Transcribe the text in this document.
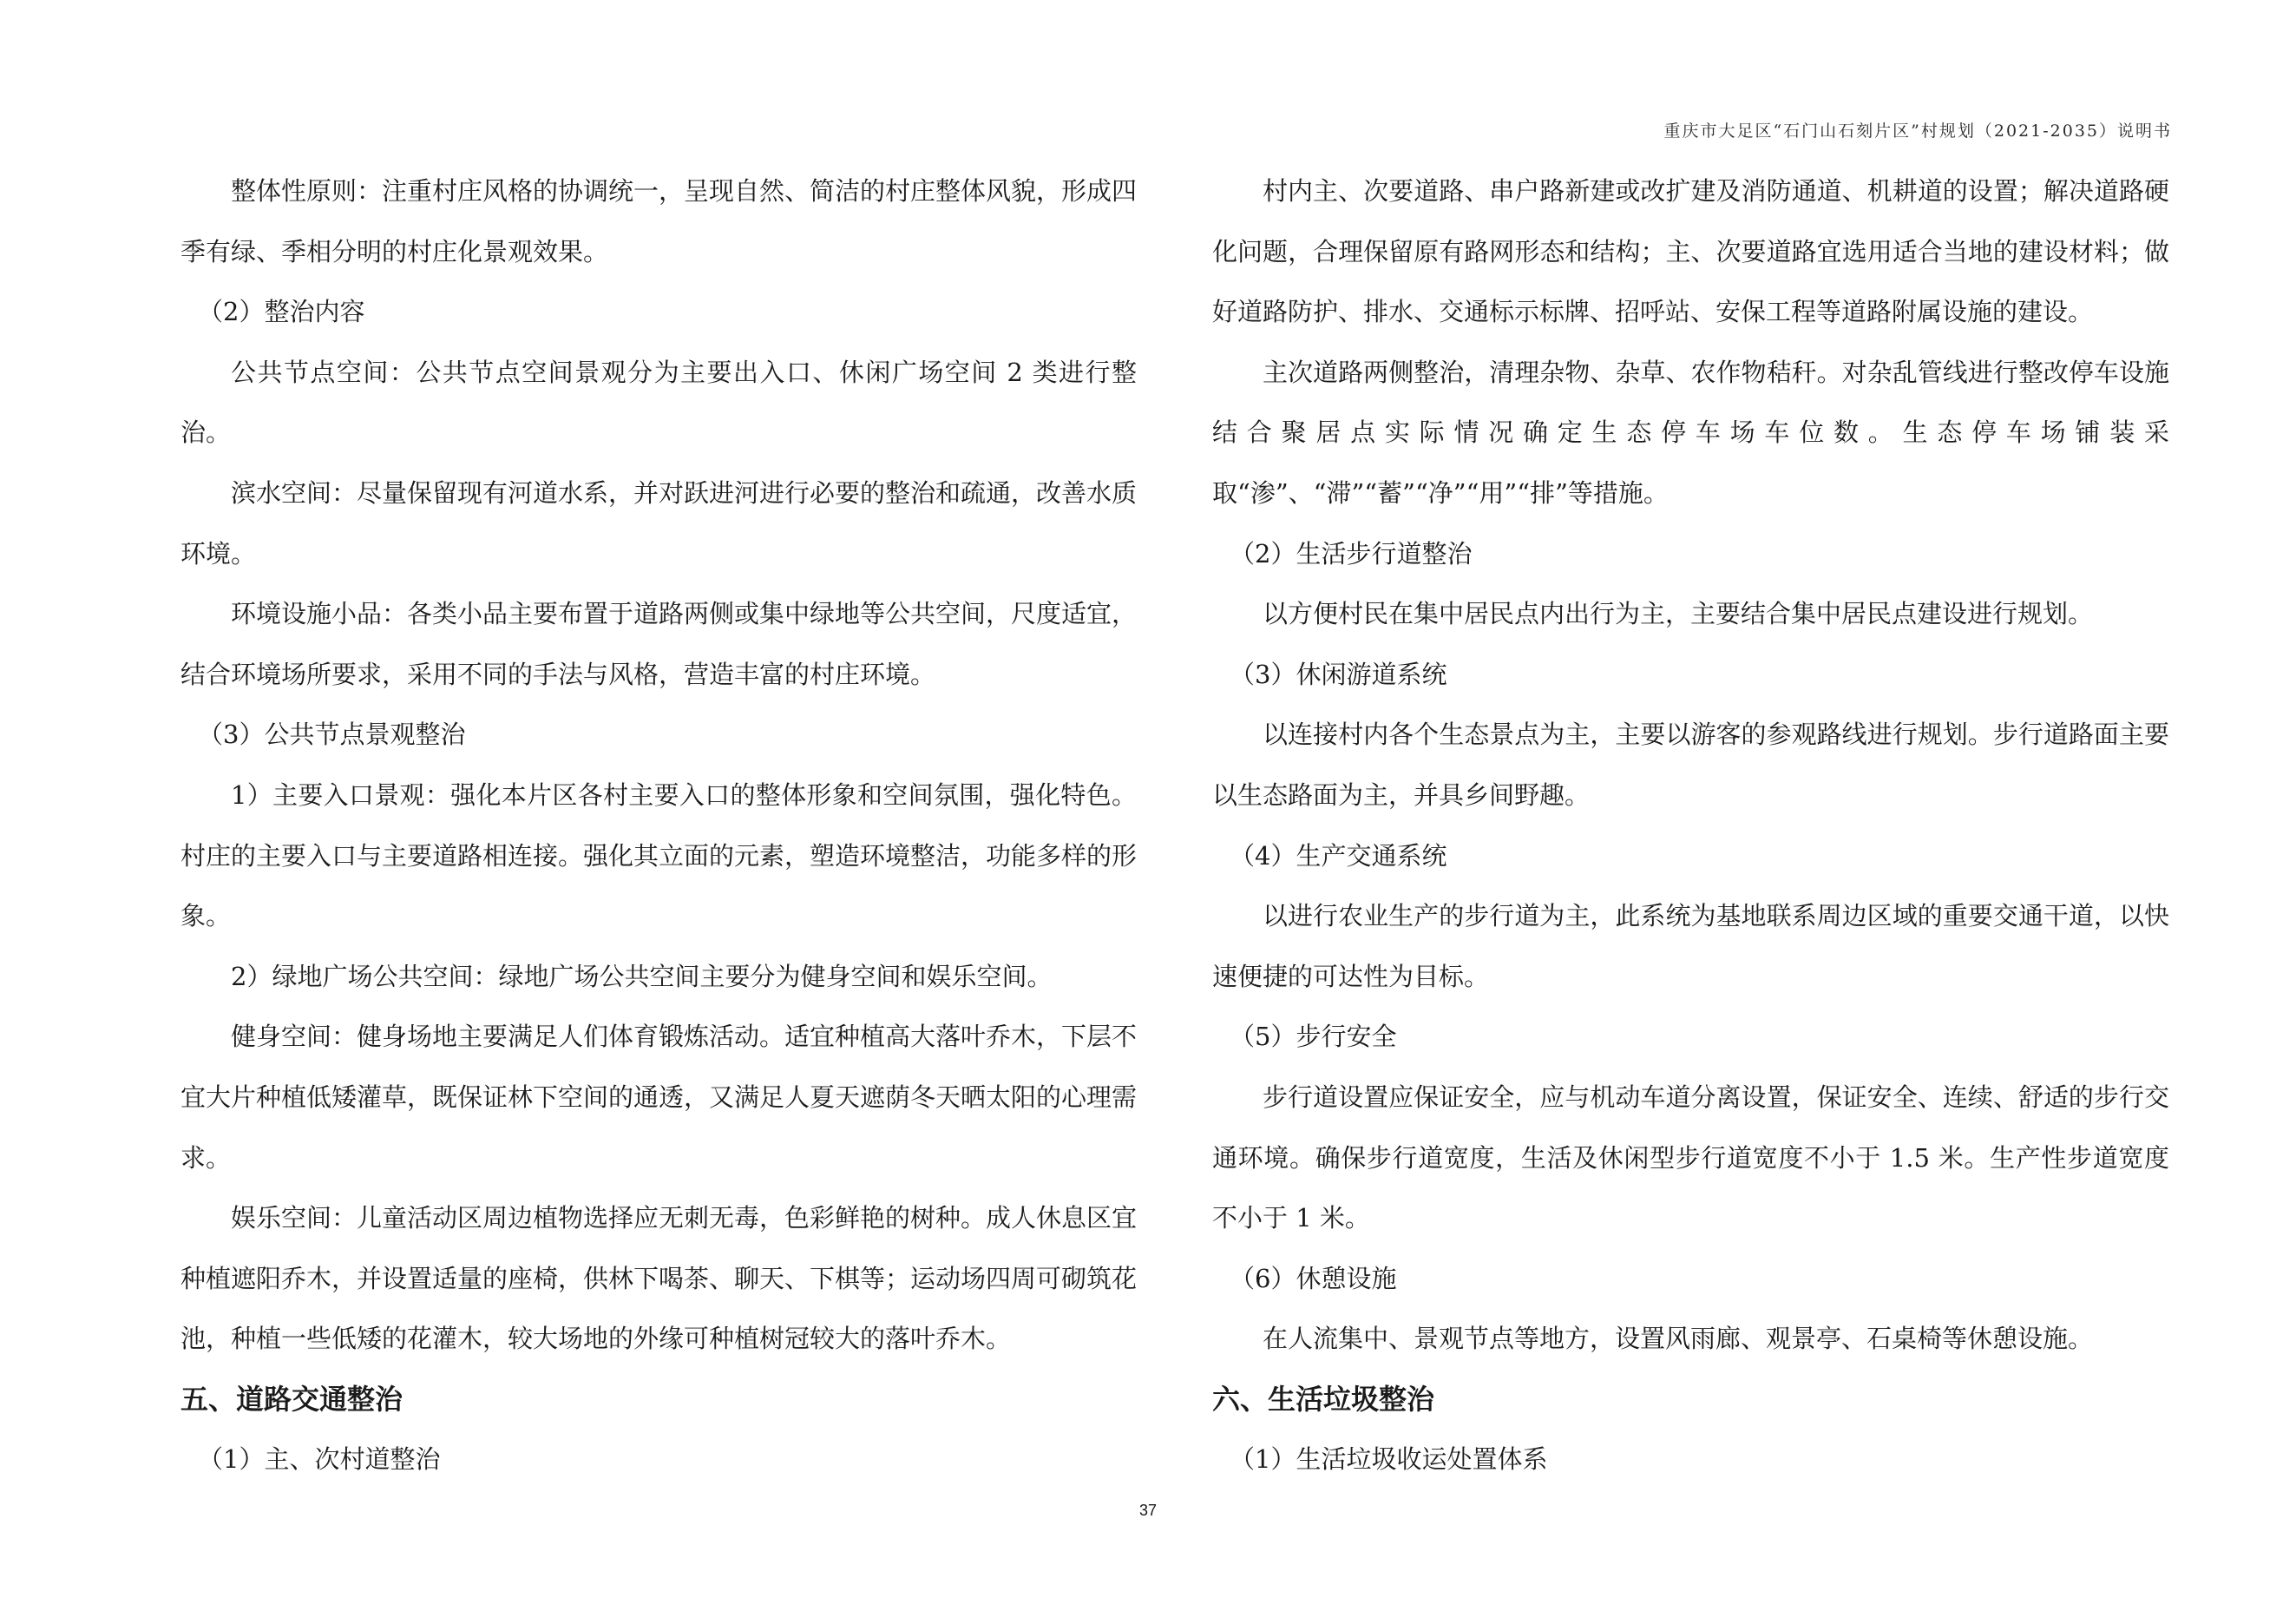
重庆市大足区“石门山石刻片区”村规划（2021-2035）说明书

整体性原则：注重村庄风格的协调统一，呈现自然、简洁的村庄整体风貌，形成四季有绿、季相分明的村庄化景观效果。

（2）整治内容

公共节点空间：公共节点空间景观分为主要出入口、休闲广场空间 2 类进行整治。

滨水空间：尽量保留现有河道水系，并对跃进河进行必要的整治和疏通，改善水质环境。

环境设施小品：各类小品主要布置于道路两侧或集中绿地等公共空间，尺度适宜，结合环境场所要求，采用不同的手法与风格，营造丰富的村庄环境。

（3）公共节点景观整治

1）主要入口景观：强化本片区各村主要入口的整体形象和空间氛围，强化特色。村庄的主要入口与主要道路相连接。强化其立面的元素，塑造环境整洁，功能多样的形象。

2）绿地广场公共空间：绿地广场公共空间主要分为健身空间和娱乐空间。

健身空间：健身场地主要满足人们体育锻炼活动。适宜种植高大落叶乔木，下层不宜大片种植低矮灌草，既保证林下空间的通透，又满足人夏天遮荫冬天晒太阳的心理需求。

娱乐空间：儿童活动区周边植物选择应无刺无毒，色彩鲜艳的树种。成人休息区宜种植遮阳乔木，并设置适量的座椅，供林下喝茶、聊天、下棋等；运动场四周可砌筑花池，种植一些低矮的花灌木，较大场地的外缘可种植树冠较大的落叶乔木。

五、道路交通整治

（1）主、次村道整治

村内主、次要道路、串户路新建或改扩建及消防通道、机耕道的设置；解决道路硬化问题，合理保留原有路网形态和结构；主、次要道路宜选用适合当地的建设材料；做好道路防护、排水、交通标示标牌、招呼站、安保工程等道路附属设施的建设。

主次道路两侧整治，清理杂物、杂草、农作物秸秆。对杂乱管线进行整改停车设施结合聚居点实际情况确定生态停车场车位数。生态停车场铺装采取“渗”、“滞”“蓄”“净”“用”“排”等措施。

（2）生活步行道整治

以方便村民在集中居民点内出行为主，主要结合集中居民点建设进行规划。

（3）休闲游道系统

以连接村内各个生态景点为主，主要以游客的参观路线进行规划。步行道路面主要以生态路面为主，并具乡间野趣。

（4）生产交通系统

以进行农业生产的步行道为主，此系统为基地联系周边区域的重要交通干道，以快速便捷的可达性为目标。

（5）步行安全

步行道设置应保证安全，应与机动车道分离设置，保证安全、连续、舒适的步行交通环境。确保步行道宽度，生活及休闲型步行道宽度不小于 1.5 米。生产性步道宽度不小于 1 米。

（6）休憩设施

在人流集中、景观节点等地方，设置风雨廊、观景亭、石桌椅等休憩设施。

六、生活垃圾整治

（1）生活垃圾收运处置体系

37
